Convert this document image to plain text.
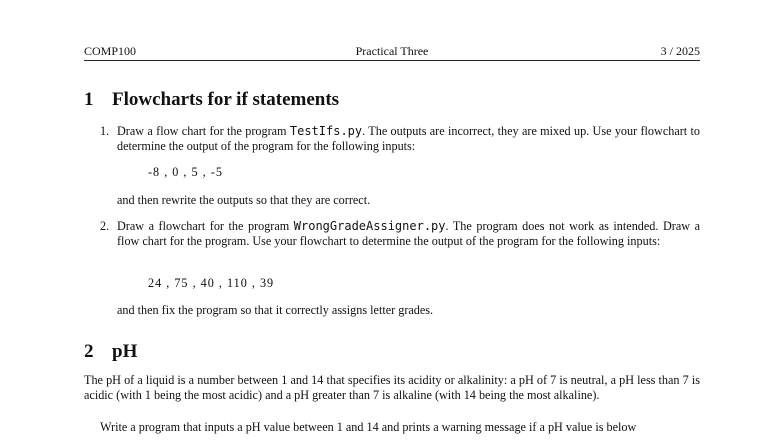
COMP100	Practical Three	3 / 2025
1 Flowcharts for if statements
1. Draw a flow chart for the program TestIfs.py. The outputs are incorrect, they are mixed up. Use your flowchart to determine the output of the program for the following inputs:
-8 , 0 , 5 , -5
and then rewrite the outputs so that they are correct.
2. Draw a flowchart for the program WrongGradeAssigner.py. The program does not work as intended. Draw a flow chart for the program. Use your flowchart to determine the output of the program for the following inputs:
24 , 75 , 40 , 110 , 39
and then fix the program so that it correctly assigns letter grades.
2 pH
The pH of a liquid is a number between 1 and 14 that specifies its acidity or alkalinity: a pH of 7 is neutral, a pH less than 7 is acidic (with 1 being the most acidic) and a pH greater than 7 is alkaline (with 14 being the most alkaline).
Write a program that inputs a pH value between 1 and 14 and prints a warning message if a pH value is below
